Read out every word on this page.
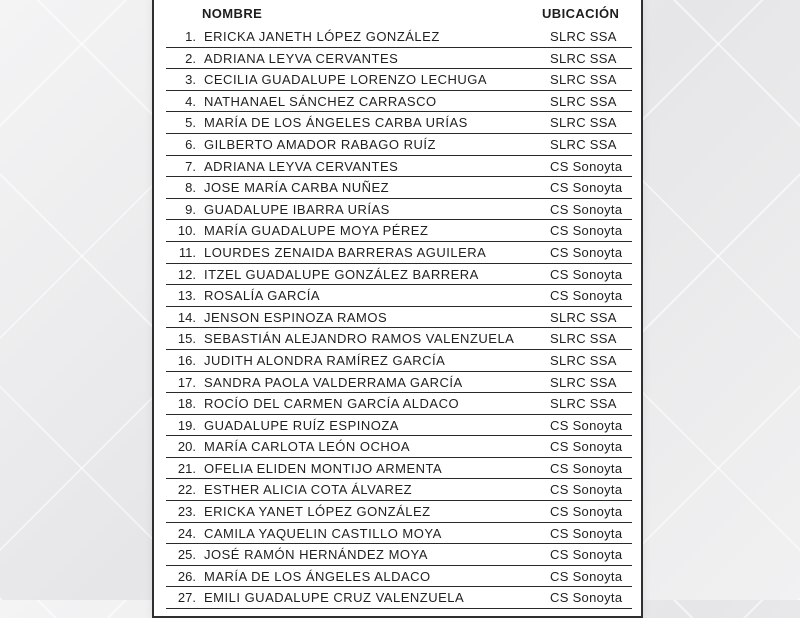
NOMBRE	UBICACIÓN
1. ERICKA JANETH LÓPEZ GONZÁLEZ	SLRC SSA
2. ADRIANA LEYVA CERVANTES	SLRC SSA
3. CECILIA GUADALUPE LORENZO LECHUGA	SLRC SSA
4. NATHANAEL SÁNCHEZ CARRASCO	SLRC SSA
5. MARÍA DE LOS ÁNGELES CARBA URÍAS	SLRC SSA
6. GILBERTO AMADOR RABAGO RUÍZ	SLRC SSA
7. ADRIANA LEYVA CERVANTES	CS Sonoyta
8. JOSE MARÍA CARBA NUÑEZ	CS Sonoyta
9. GUADALUPE IBARRA URÍAS	CS Sonoyta
10. MARÍA GUADALUPE MOYA PÉREZ	CS Sonoyta
11. LOURDES ZENAIDA BARRERAS AGUILERA	CS Sonoyta
12. ITZEL GUADALUPE GONZÁLEZ BARRERA	CS Sonoyta
13. ROSALÍA GARCÍA	CS Sonoyta
14. JENSON ESPINOZA RAMOS	SLRC SSA
15. SEBASTIÁN ALEJANDRO RAMOS VALENZUELA	SLRC SSA
16. JUDITH ALONDRA RAMÍREZ GARCÍA	SLRC SSA
17. SANDRA PAOLA VALDERRAMA GARCÍA	SLRC SSA
18. ROCÍO DEL CARMEN GARCÍA ALDACO	SLRC SSA
19. GUADALUPE RUÍZ ESPINOZA	CS Sonoyta
20. MARÍA CARLOTA LEÓN OCHOA	CS Sonoyta
21. OFELIA ELIDEN MONTIJO ARMENTA	CS Sonoyta
22. ESTHER ALICIA COTA ÁLVAREZ	CS Sonoyta
23. ERICKA YANET LÓPEZ GONZÁLEZ	CS Sonoyta
24. CAMILA YAQUELIN CASTILLO MOYA	CS Sonoyta
25. JOSÉ RAMÓN HERNÁNDEZ MOYA	CS Sonoyta
26. MARÍA DE LOS ÁNGELES ALDACO	CS Sonoyta
27. EMILI GUADALUPE CRUZ VALENZUELA	CS Sonoyta
